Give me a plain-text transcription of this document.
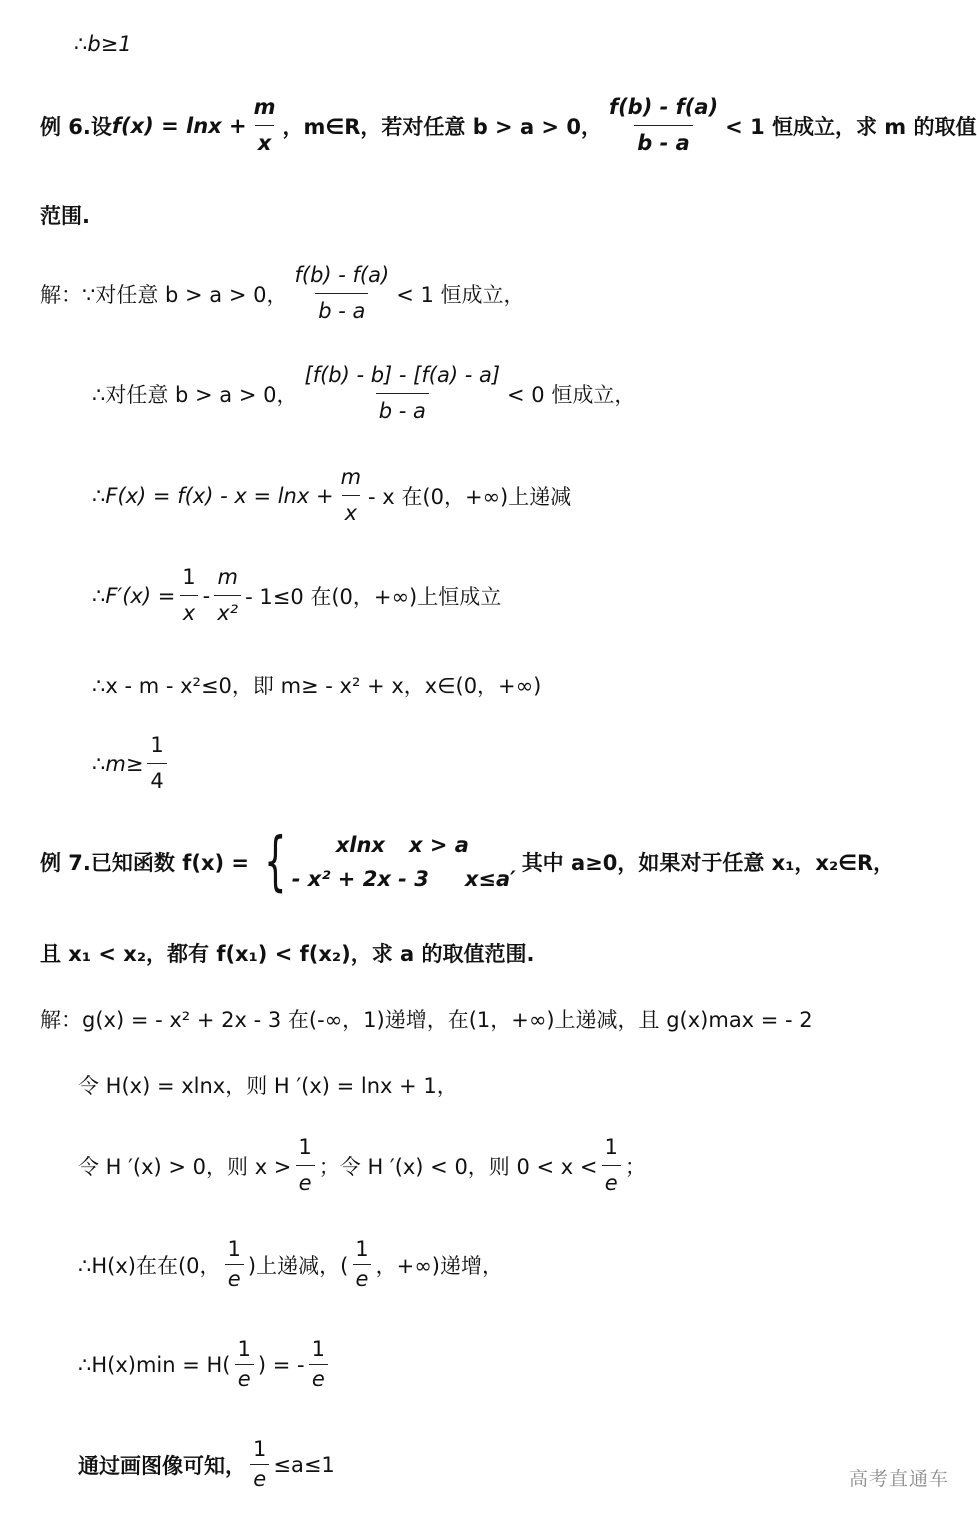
∴b≥1
例 6.设 $f(x) = \ln x + \frac{m}{x}$ ，m∈R，若对任意 b > a > 0， $\frac{f(b) - f(a)}{b - a} < 1$ 恒成立，求 m 的取值
范围.
解：∵对任意 b > a > 0， $\frac{f(b) - f(a)}{b - a} < 1$ 恒成立，
∴对任意 b > a > 0， $\frac{[f(b) - b] - [f(a) - a]}{b - a} < 0$ 恒成立，
∴F(x) = $f(x) - x = \ln x + \frac{m}{x} - x$ 在(0，+∞)上递减
∴F′(x) = $\frac{1}{x} - \frac{m}{\text{x²}} - 1\le 0$ 在(0，+∞)上恒成立
∴x - m - x²≤0，即 m≥ - x² + x，x∈(0，+∞)
∴m≥ $\frac{1}{4}$
例 7.已知函数 f(x) = { xlnx x > a
- x² + 2x - 3 x≤a′
其中 a≥0，如果对于任意 x₁，x₂∈R，
且 x₁ < x₂，都有 f(x₁) < f(x₂)，求 a 的取值范围.
解：g(x) = - x² + 2x - 3 在(-∞，1)递增，在(1，+∞)上递减，且 g(x)max = - 2
令 H(x) = xlnx，则 H ′(x) = lnx + 1，
令 H ′(x) > 0，则 $x > \frac{1}{e}$ ；令 H ′(x) < 0，则 $0 < x < \frac{1}{e}$ ；
∴H(x)在在(0， $\frac{1}{e}$ )上递减，( $\frac{1}{e}$ ，+∞)递增，
∴H(x)min = $H( \frac{1}{e}$ ) = - $\frac{1}{e}$
通过画图像可知， $\frac{1}{e} \le a\le 1$
高考直通车
